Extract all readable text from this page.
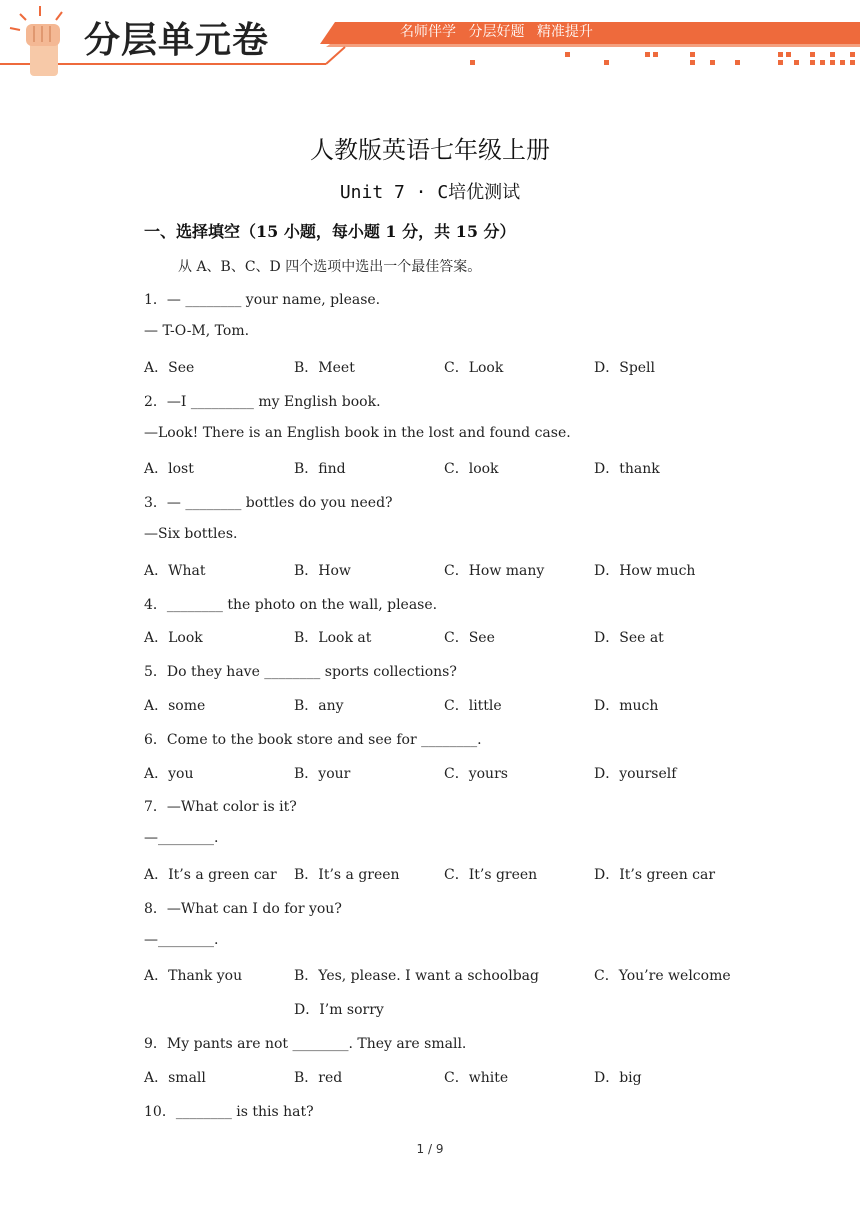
分层单元卷	名师伴学 分层好题 精准提升
人教版英语七年级上册
Unit 7 · C培优测试
一、选择填空（15 小题，每小题 1 分，共 15 分）
从 A、B、C、D 四个选项中选出一个最佳答案。
1．— ________ your name, please.
— T-O-M, Tom.
A．See	B．Meet	C．Look	D．Spell
2．—I _________ my English book.
—Look! There is an English book in the lost and found case.
A．lost	B．find	C．look	D．thank
3．— ________ bottles do you need?
—Six bottles.
A．What	B．How	C．How many	D．How much
4．________ the photo on the wall, please.
A．Look	B．Look at	C．See	D．See at
5．Do they have ________ sports collections?
A．some	B．any	C．little	D．much
6．Come to the book store and see for ________.
A．you	B．your	C．yours	D．yourself
7．—What color is it?
—________.
A．It’s a green car B．It’s a green	C．It’s green	D．It’s green car
8．—What can I do for you?
—________.
A．Thank you	B．Yes, please. I want a schoolbag	C．You’re welcome
D．I’m sorry
9．My pants are not ________. They are small.
A．small	B．red	C．white	D．big
10．________ is this hat?
1 / 9
